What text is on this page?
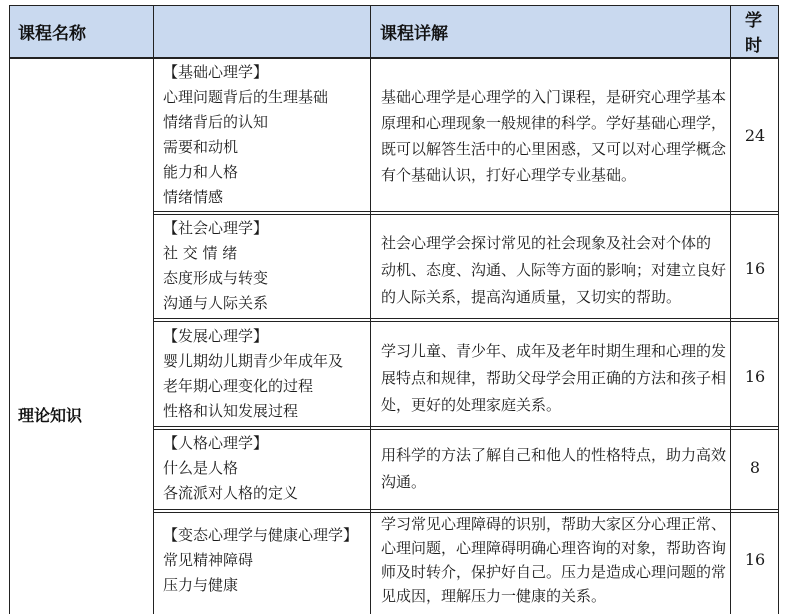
课程名称	课程详解
学
时
理论知识
【基础心理学】
心理问题背后的生理基础
情绪背后的认知
需要和动机
能力和人格
情绪情感
基础心理学是心理学的入门课程，是研究心理学基本
原理和心理现象一般规律的科学。学好基础心理学，
既可以解答生活中的心里困惑，又可以对心理学概念
有个基础认识，打好心理学专业基础。
24
【社会心理学】
社 交 情 绪
态度形成与转变
沟通与人际关系
社会心理学会探讨常见的社会现象及社会对个体的
动机、态度、沟通、人际等方面的影响；对建立良好
的人际关系，提高沟通质量，又切实的帮助。
16
【发展心理学】
婴儿期幼儿期青少年成年及
老年期心理变化的过程
性格和认知发展过程
学习儿童、青少年、成年及老年时期生理和心理的发
展特点和规律，帮助父母学会用正确的方法和孩子相
处，更好的处理家庭关系。
16
【人格心理学】
什么是人格
各流派对人格的定义
用科学的方法了解自己和他人的性格特点，助力高效
沟通。
8
【变态心理学与健康心理学】
常见精神障碍
压力与健康
学习常见心理障碍的识别，帮助大家区分心理正常、
心理问题，心理障碍明确心理咨询的对象，帮助咨询
师及时转介，保护好自己。压力是造成心理问题的常
见成因，理解压力一健康的关系。
16
